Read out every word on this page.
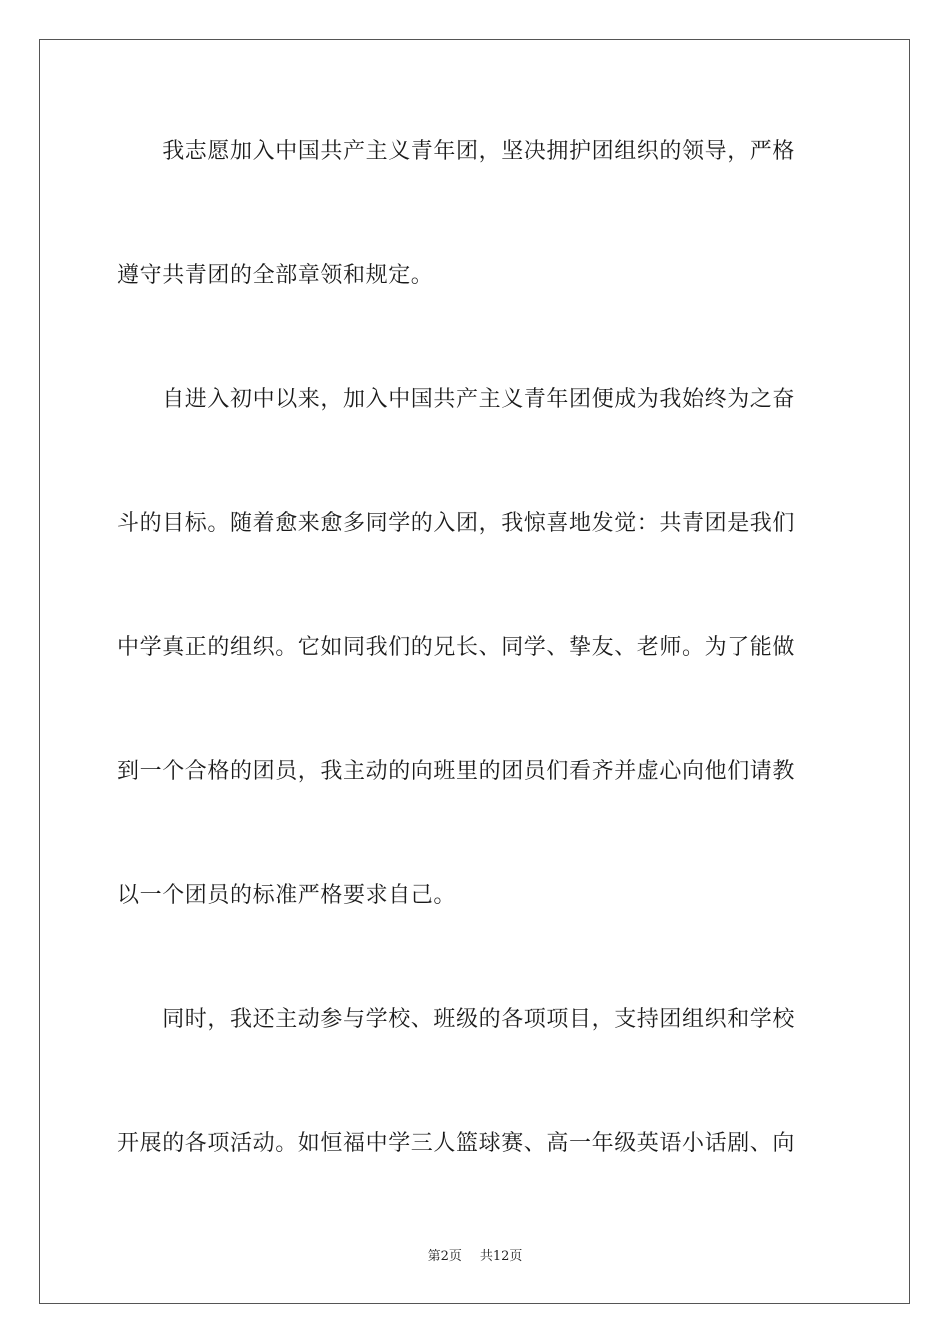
　　我志愿加入中国共产主义青年团，坚决拥护团组织的领导，严格

遵守共青团的全部章领和规定。

　　自进入初中以来，加入中国共产主义青年团便成为我始终为之奋

斗的目标。随着愈来愈多同学的入团，我惊喜地发觉：共青团是我们

中学真正的组织。它如同我们的兄长、同学、挚友、老师。为了能做

到一个合格的团员，我主动的向班里的团员们看齐并虚心向他们请教

以一个团员的标准严格要求自己。

　　同时，我还主动参与学校、班级的各项项目，支持团组织和学校

开展的各项活动。如恒福中学三人篮球赛、高一年级英语小话剧、向

第2页 共12页
